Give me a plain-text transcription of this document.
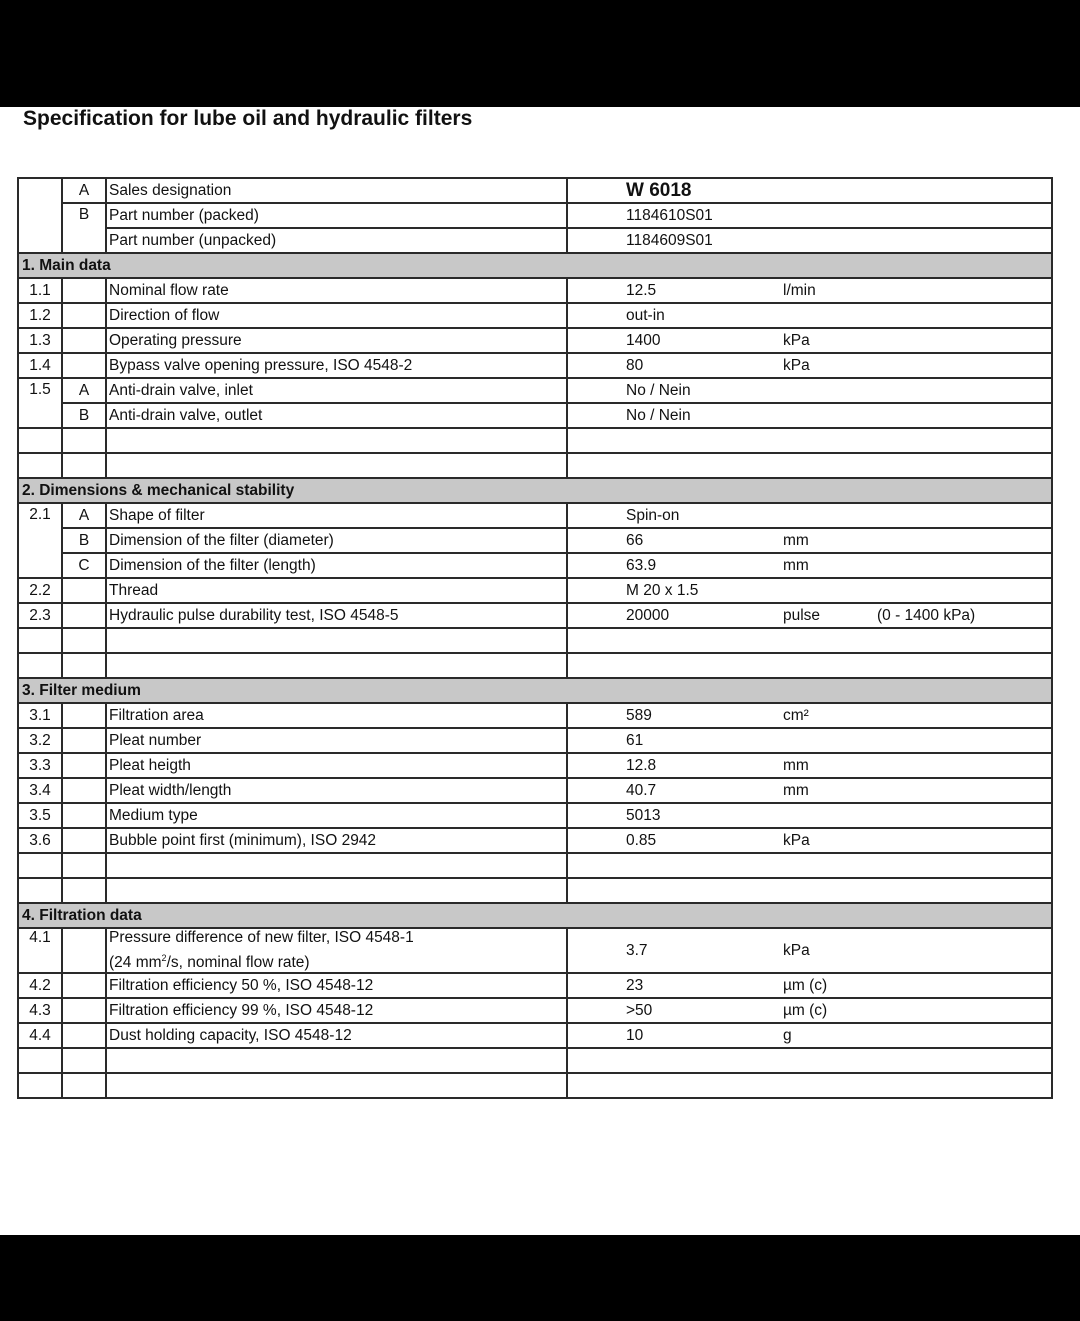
Specification for lube oil and hydraulic filters
	A	Sales designation	W 6018
	B	Part number (packed)	1184610S01
		Part number (unpacked)	1184609S01
1. Main data			
1.1		Nominal flow rate	12.5 l/min

1.2		Direction of flow	out-in

1.3		Operating pressure	1400 kPa

1.4		Bypass valve opening pressure, ISO 4548-2	80 kPa

1.5	A	Anti-drain valve, inlet	No / Nein

	B	Anti-drain valve, outlet	No / Nein

2. Dimensions & mechanical stability			
2.1	A	Shape of filter	Spin-on

	B	Dimension of the filter (diameter)	66 mm

	C	Dimension of the filter (length)	63.9 mm

2.2		Thread	M 20 x 1.5

2.3		Hydraulic pulse durability test, ISO 4548-5	20000 pulse (0 - 1400 kPa)

3. Filter medium			
3.1		Filtration area	589 cm²

3.2		Pleat number	61

3.3		Pleat heigth	12.8 mm

3.4		Pleat width/length	40.7 mm

3.5		Medium type	5013

3.6		Bubble point first (minimum), ISO 2942	0.85 kPa

4. Filtration data			
4.1		Pressure difference of new filter, ISO 4548-1
(24 $mm^2/s$, nominal flow rate)	3.7 kPa

4.2		Filtration efficiency 50 %, ISO 4548-12	23 µm (c)

4.3		Filtration efficiency 99 %, ISO 4548-12	>50 µm (c)

4.4		Dust holding capacity, ISO 4548-12	10 g
